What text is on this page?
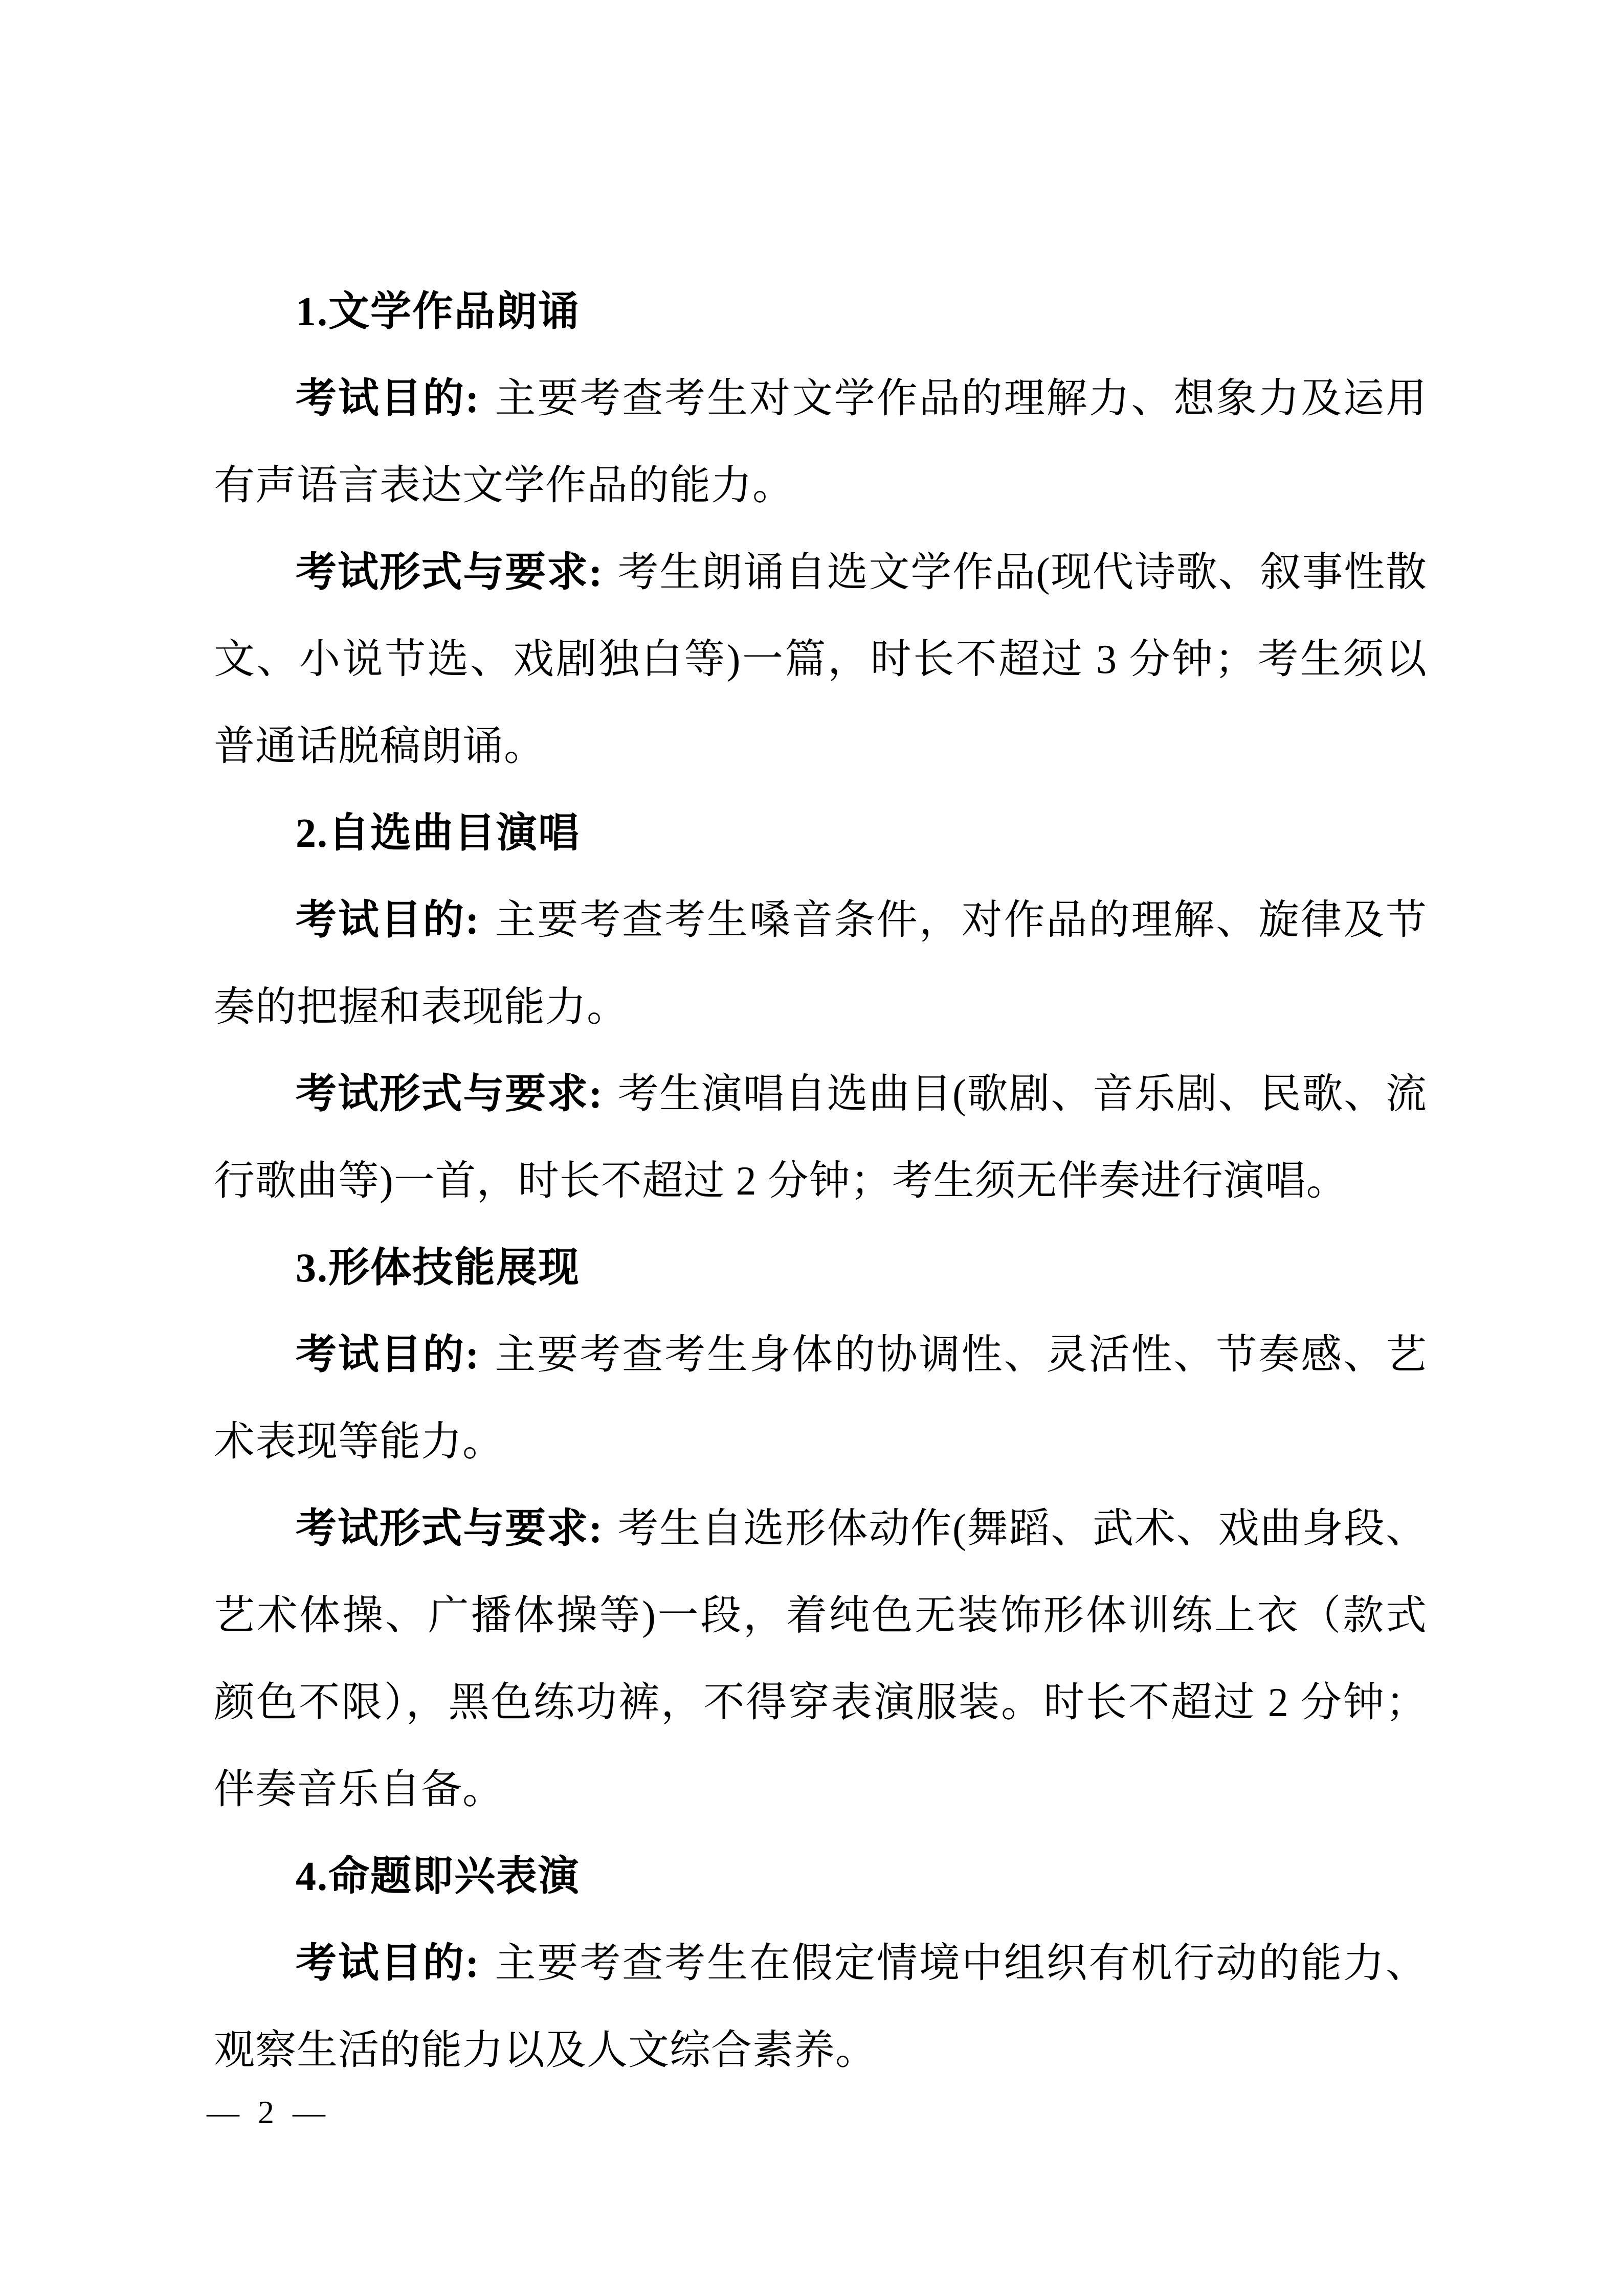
1.文学作品朗诵

考试目的: 主要考查考生对文学作品的理解力、想象力及运用有声语言表达文学作品的能力。

考试形式与要求: 考生朗诵自选文学作品(现代诗歌、叙事性散文、小说节选、戏剧独白等)一篇，时长不超过 3 分钟；考生须以普通话脱稿朗诵。

2.自选曲目演唱

考试目的: 主要考查考生嗓音条件，对作品的理解、旋律及节奏的把握和表现能力。

考试形式与要求: 考生演唱自选曲目(歌剧、音乐剧、民歌、流行歌曲等)一首，时长不超过 2 分钟；考生须无伴奏进行演唱。

3.形体技能展现

考试目的: 主要考查考生身体的协调性、灵活性、节奏感、艺术表现等能力。

考试形式与要求: 考生自选形体动作(舞蹈、武术、戏曲身段、艺术体操、广播体操等)一段，着纯色无装饰形体训练上衣（款式颜色不限），黑色练功裤，不得穿表演服装。时长不超过 2 分钟；伴奏音乐自备。

4.命题即兴表演

考试目的: 主要考查考生在假定情境中组织有机行动的能力、观察生活的能力以及人文综合素养。

— 2 —
